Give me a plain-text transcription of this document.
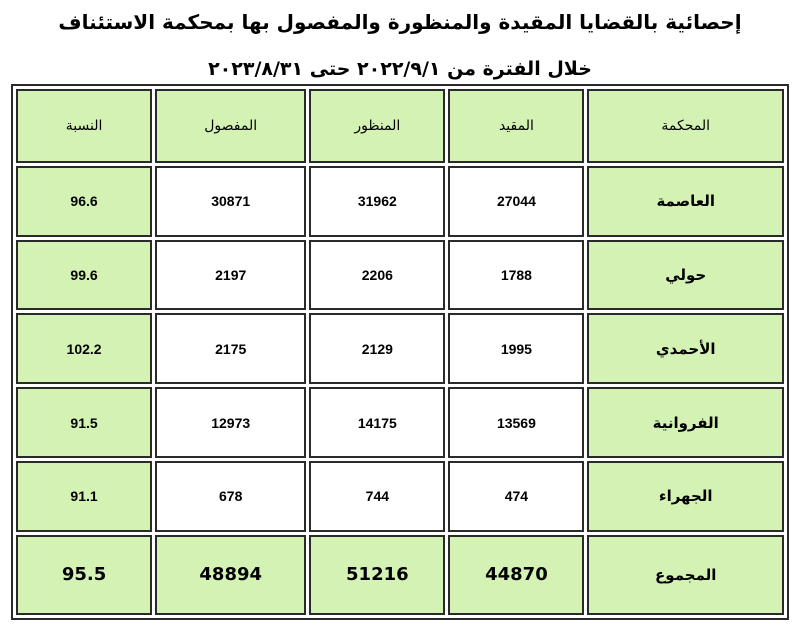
إحصائية بالقضايا المقيدة والمنظورة والمفصول بها بمحكمة الاستئناف
خلال الفترة من ٢٠٢٢/٩/١ حتى ٢٠٢٣/٨/٣١
المحكمة	المقيد	المنظور	المفصول	النسبة
العاصمة	27044	31962	30871	96.6
حولي	1788	2206	2197	99.6
الأحمدي	1995	2129	2175	102.2
الفروانية	13569	14175	12973	91.5
الجهراء	474	744	678	91.1
المجموع	44870	51216	48894	95.5
